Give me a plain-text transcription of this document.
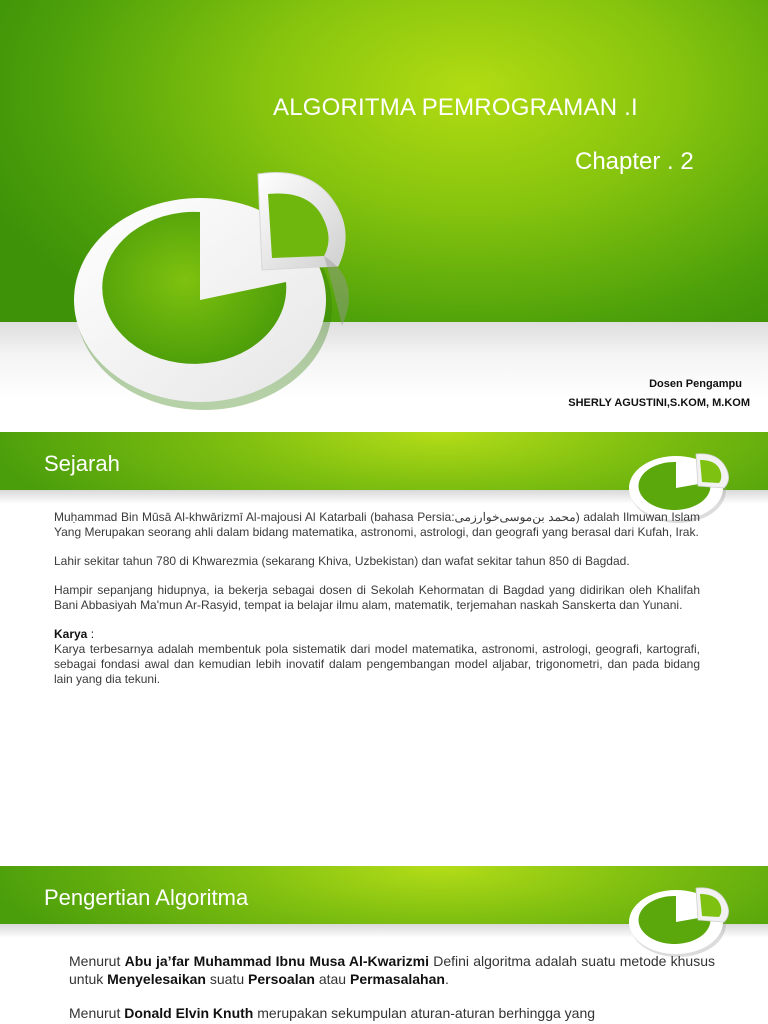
ALGORITMA PEMROGRAMAN .I
Chapter . 2
Dosen Pengampu
SHERLY AGUSTINI,S.KOM, M.KOM
Sejarah

Muḥammad Bin Mūsā Al-khwārizmī Al-majousi Al Katarbali (bahasa Persia:محمد بن‌موسى‌خوارزمی) adalah Ilmuwan Islam Yang Merupakan seorang ahli dalam bidang matematika, astronomi, astrologi, dan geografi yang berasal dari Kufah, Irak.

Lahir sekitar tahun 780 di Khwarezmia (sekarang Khiva, Uzbekistan) dan wafat sekitar tahun 850 di Bagdad.

Hampir sepanjang hidupnya, ia bekerja sebagai dosen di Sekolah Kehormatan di Bagdad yang didirikan oleh Khalifah Bani Abbasiyah Ma'mun Ar-Rasyid, tempat ia belajar ilmu alam, matematik, terjemahan naskah Sanskerta dan Yunani.

Karya :

Karya terbesarnya adalah membentuk pola sistematik dari model matematika, astronomi, astrologi, geografi, kartografi, sebagai fondasi awal dan kemudian lebih inovatif dalam pengembangan model aljabar, trigonometri, dan pada bidang lain yang dia tekuni.

Pengertian Algoritma

Menurut Abu ja’far Muhammad Ibnu Musa Al-Kwarizmi Defini algoritma adalah suatu metode khusus untuk Menyelesaikan suatu Persoalan atau Permasalahan.

Menurut Donald Elvin Knuth merupakan sekumpulan aturan-aturan berhingga yang
